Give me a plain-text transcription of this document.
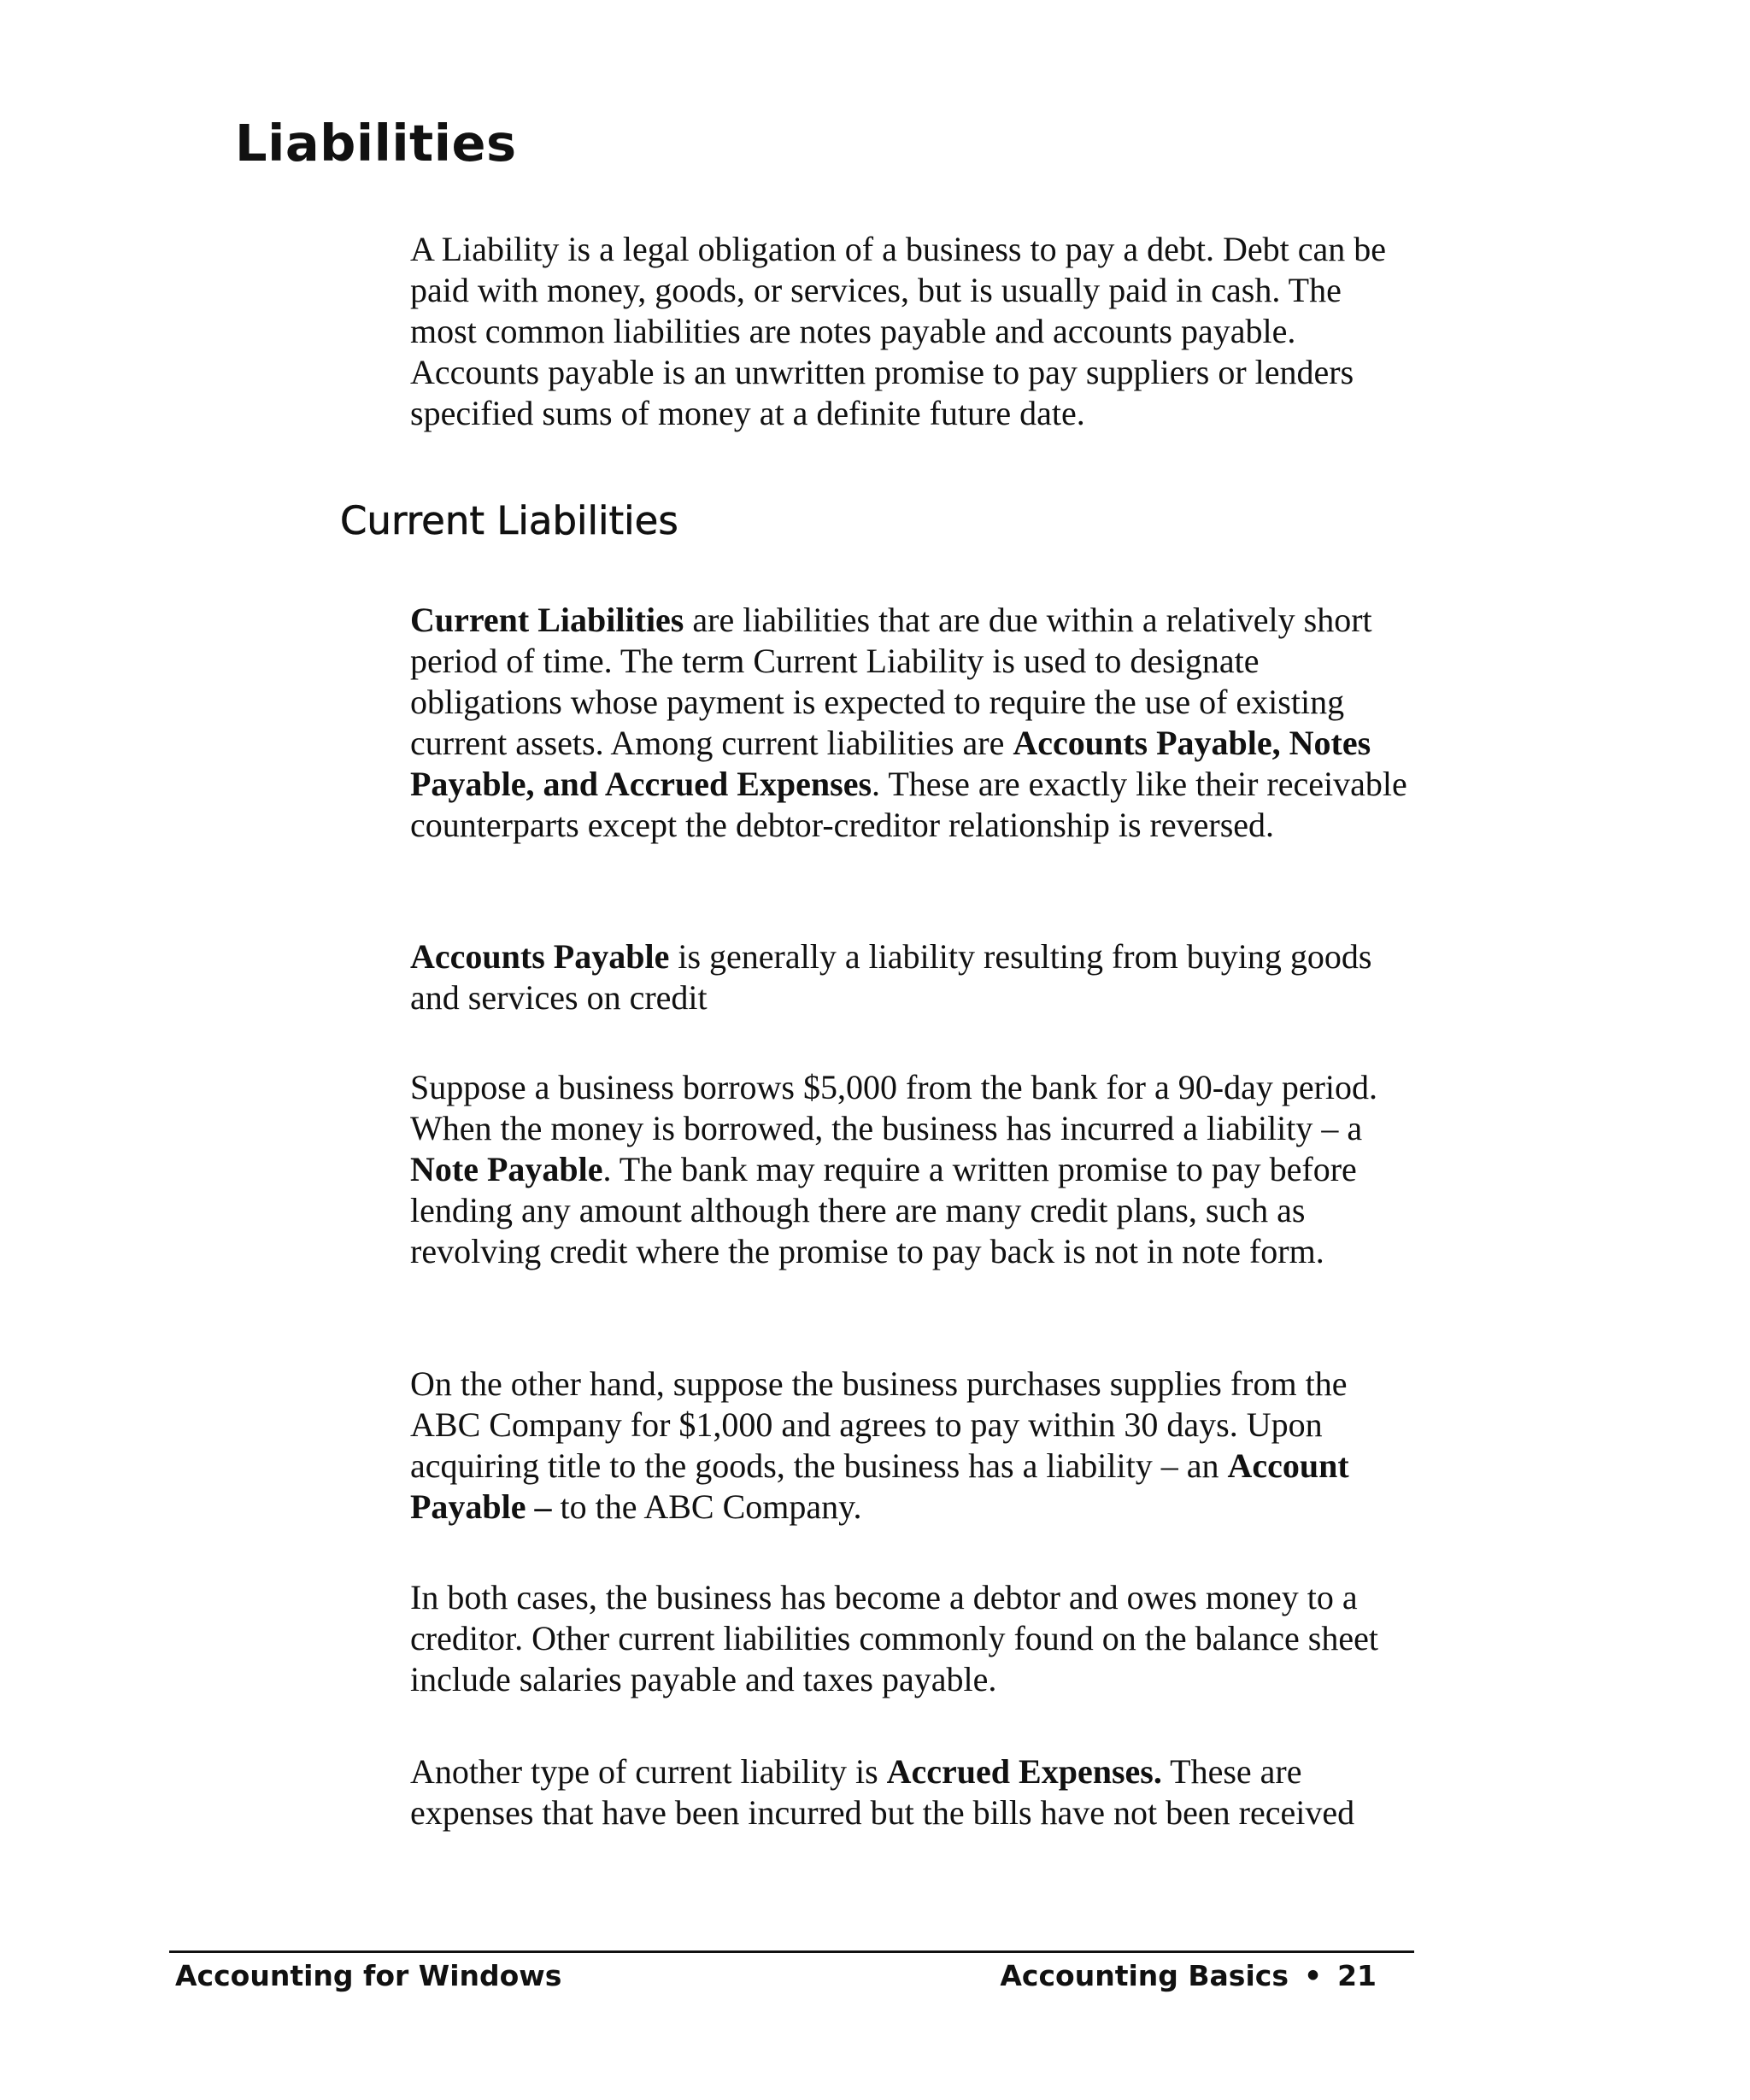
Liabilities

A Liability is a legal obligation of a business to pay a debt. Debt can be paid with money, goods, or services, but is usually paid in cash. The most common liabilities are notes payable and accounts payable. Accounts payable is an unwritten promise to pay suppliers or lenders specified sums of money at a definite future date.

Current Liabilities

Current Liabilities are liabilities that are due within a relatively short period of time. The term Current Liability is used to designate obligations whose payment is expected to require the use of existing current assets. Among current liabilities are Accounts Payable, Notes Payable, and Accrued Expenses. These are exactly like their receivable counterparts except the debtor-creditor relationship is reversed.

Accounts Payable is generally a liability resulting from buying goods and services on credit

Suppose a business borrows $5,000 from the bank for a 90-day period. When the money is borrowed, the business has incurred a liability – a Note Payable. The bank may require a written promise to pay before lending any amount although there are many credit plans, such as revolving credit where the promise to pay back is not in note form.

On the other hand, suppose the business purchases supplies from the ABC Company for $1,000 and agrees to pay within 30 days. Upon acquiring title to the goods, the business has a liability – an Account Payable – to the ABC Company.

In both cases, the business has become a debtor and owes money to a creditor. Other current liabilities commonly found on the balance sheet include salaries payable and taxes payable.

Another type of current liability is Accrued Expenses. These are expenses that have been incurred but the bills have not been received

Accounting for Windows	Accounting Basics • 21
